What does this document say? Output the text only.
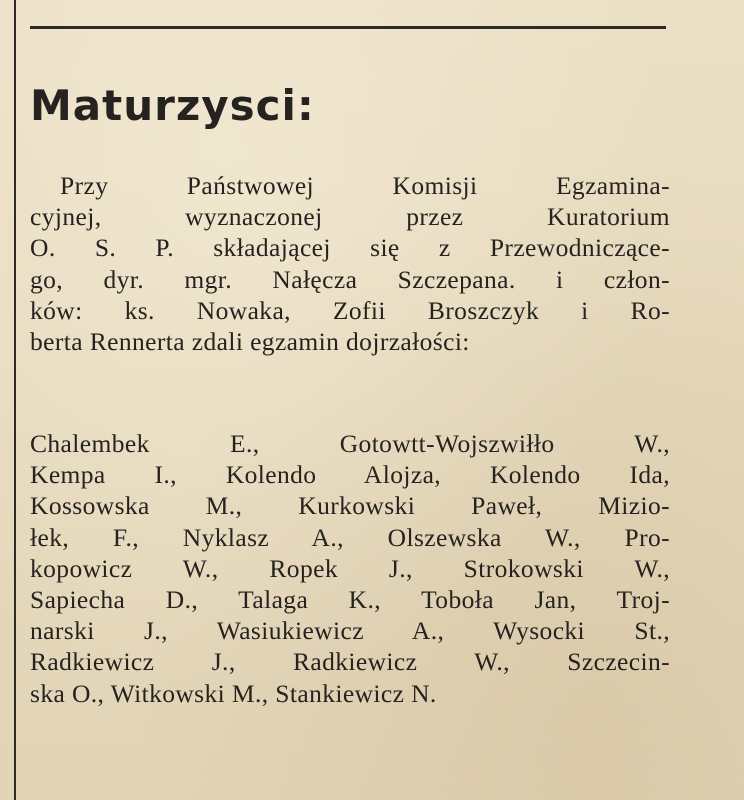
Maturzysci:
Przy Państwowej Komisji Egzamina-
cyjnej, wyznaczonej przez Kuratorium
O. S. P. składającej się z Przewodniczące-
go, dyr. mgr. Nałęcza Szczepana. i człon-
ków: ks. Nowaka, Zofii Broszczyk i Ro-
berta Rennerta zdali egzamin dojrzałości:
Chalembek E., Gotowtt-Wojszwiłło W.,
Kempa I., Kolendo Alojza, Kolendo Ida,
Kossowska M., Kurkowski Paweł, Mizio-
łek, F., Nyklasz A., Olszewska W., Pro-
kopowicz W., Ropek J., Strokowski W.,
Sapiecha D., Talaga K., Toboła Jan, Troj-
narski J., Wasiukiewicz A., Wysocki St.,
Radkiewicz J., Radkiewicz W., Szczecin-
ska O., Witkowski M., Stankiewicz N.
